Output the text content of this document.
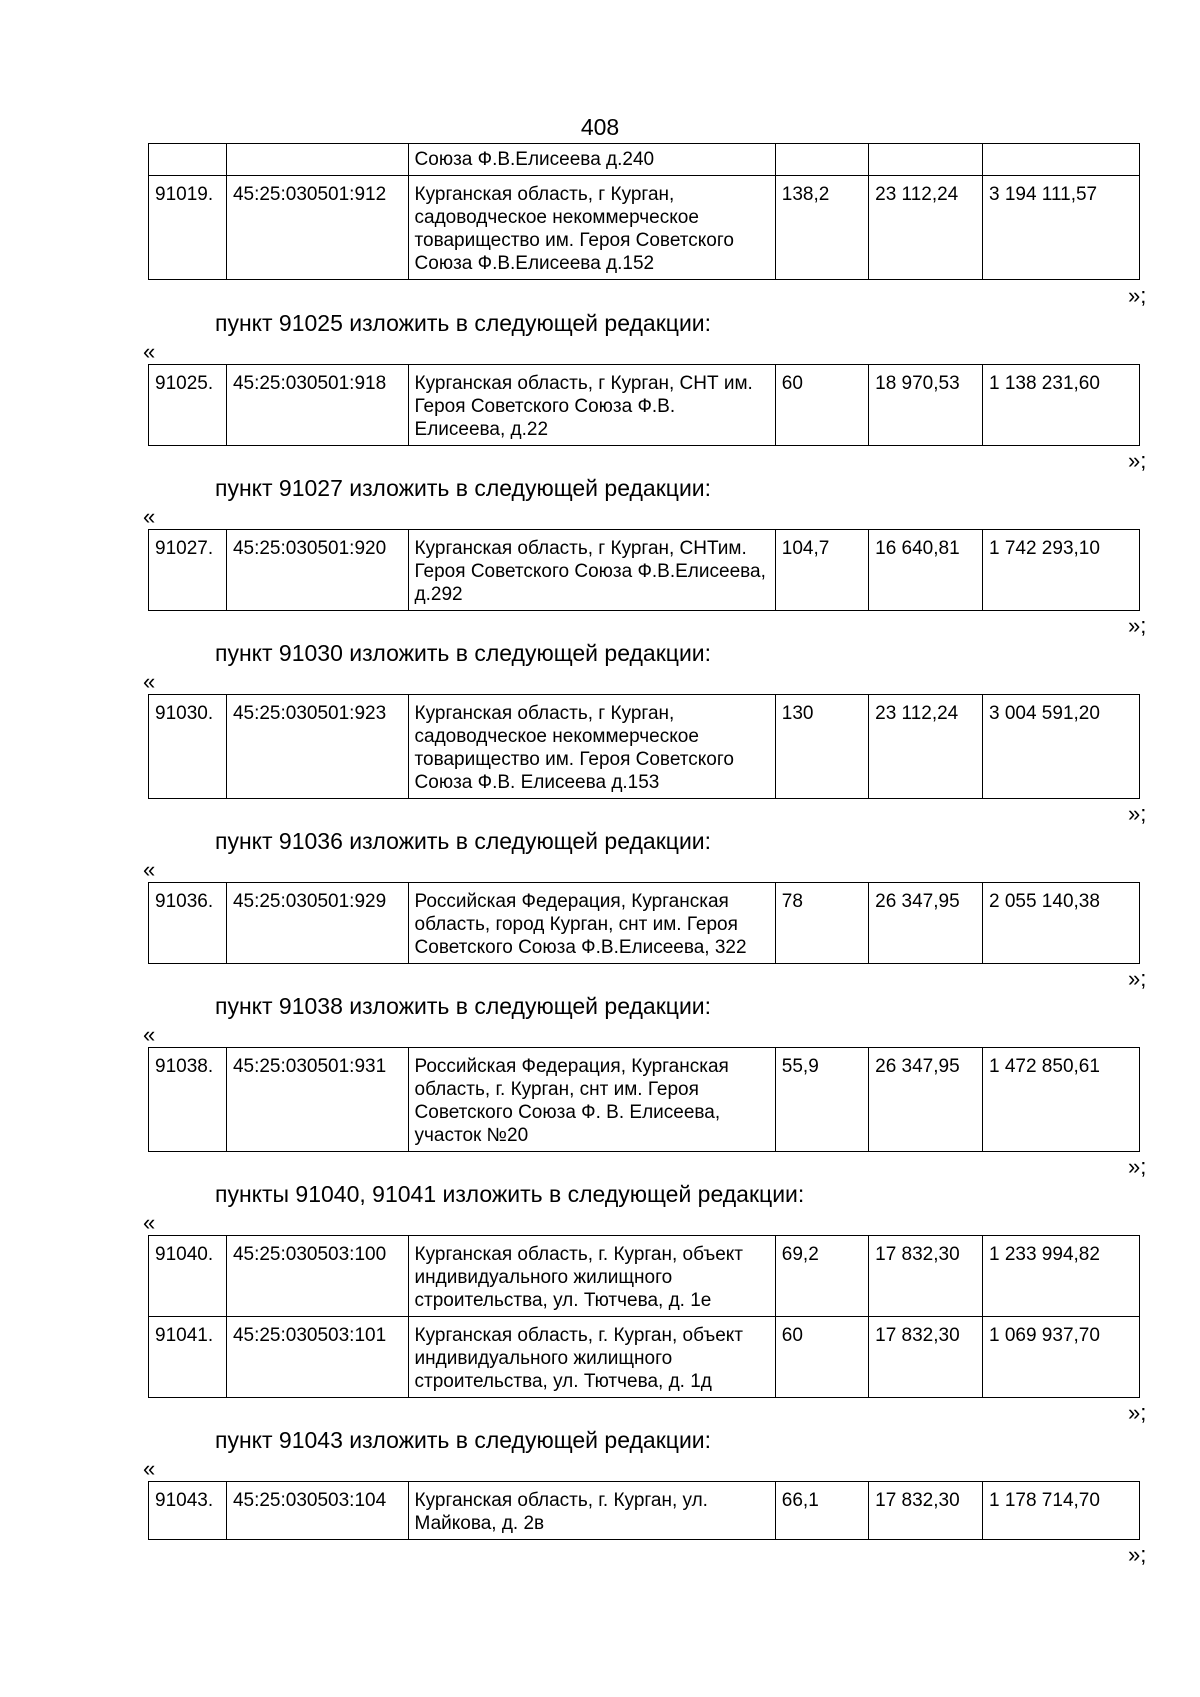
408
		Союза Ф.В.Елисеева д.240			
91019.	45:25:030501:912	Курганская область, г Курган, садоводческое некоммерческое товарищество им. Героя Советского Союза Ф.В.Елисеева д.152	138,2	23 112,24	3 194 111,57
»;
пункт 91025 изложить в следующей редакции:
«
91025.	45:25:030501:918	Курганская область, г Курган, СНТ им. Героя Советского Союза Ф.В. Елисеева, д.22	60	18 970,53	1 138 231,60
»;
пункт 91027 изложить в следующей редакции:
«
91027.	45:25:030501:920	Курганская область, г Курган, СНТим. Героя Советского Союза Ф.В.Елисеева, д.292	104,7	16 640,81	1 742 293,10
»;
пункт 91030 изложить в следующей редакции:
«
91030.	45:25:030501:923	Курганская область, г Курган, садоводческое некоммерческое товарищество им. Героя Советского Союза Ф.В. Елисеева д.153	130	23 112,24	3 004 591,20
»;
пункт 91036 изложить в следующей редакции:
«
91036.	45:25:030501:929	Российская Федерация, Курганская область, город Курган, снт им. Героя Советского Союза Ф.В.Елисеева, 322	78	26 347,95	2 055 140,38
»;
пункт 91038 изложить в следующей редакции:
«
91038.	45:25:030501:931	Российская Федерация, Курганская область, г. Курган, снт им. Героя Советского Союза Ф. В. Елисеева, участок №20	55,9	26 347,95	1 472 850,61
»;
пункты 91040, 91041 изложить в следующей редакции:
«
91040.	45:25:030503:100	Курганская область, г. Курган, объект индивидуального жилищного строительства, ул. Тютчева, д. 1е	69,2	17 832,30	1 233 994,82
91041.	45:25:030503:101	Курганская область, г. Курган, объект индивидуального жилищного строительства, ул. Тютчева, д. 1д	60	17 832,30	1 069 937,70
»;
пункт 91043 изложить в следующей редакции:
«
91043.	45:25:030503:104	Курганская область, г. Курган, ул. Майкова, д. 2в	66,1	17 832,30	1 178 714,70
»;
